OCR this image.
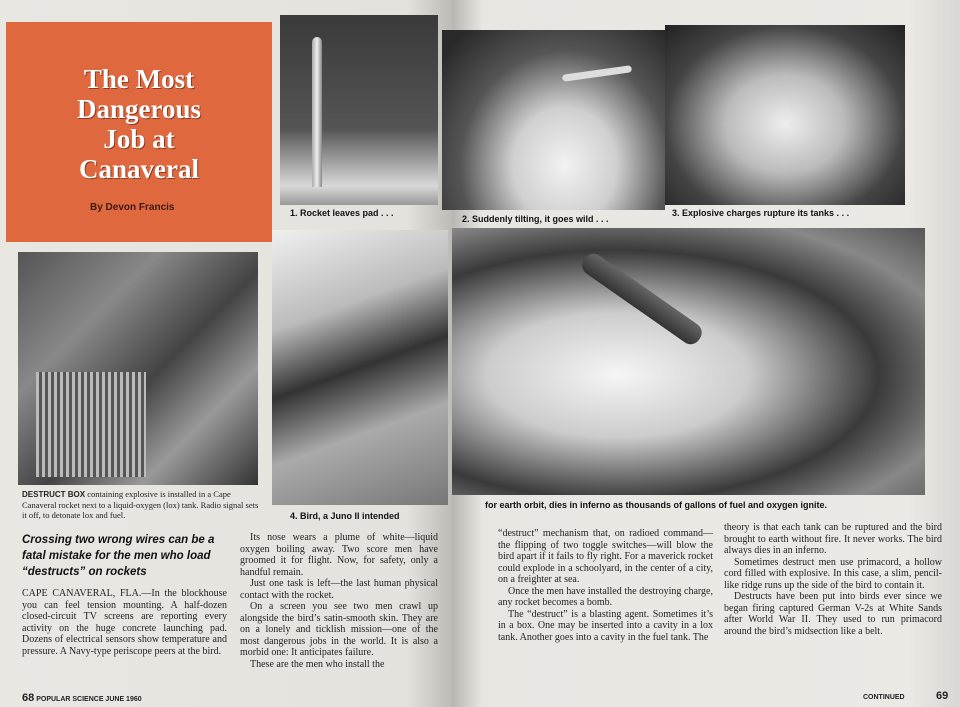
The Most
Dangerous
Job at
Canaveral
By Devon Francis	1. Rocket leaves pad . . .
2. Suddenly tilting, it goes wild . . .
3. Explosive charges rupture its tanks . . .
DESTRUCT BOX containing explosive is installed in a Cape Canaveral rocket next to a liquid-oxygen (lox) tank. Radio signal sets it off, to detonate lox and fuel.	4. Bird, a Juno II intended
for earth orbit, dies in inferno as thousands of gallons of fuel and oxygen ignite.
Crossing two wrong wires can be a fatal mistake for the men who load “destructs” on rockets

CAPE CANAVERAL, FLA.—In the blockhouse you can feel tension mounting. A half-dozen closed-circuit TV screens are reporting every activity on the huge concrete launching pad. Dozens of electrical sensors show temperature and pressure. A Navy-type periscope peers at the bird.

Its nose wears a plume of white—liquid oxygen boiling away. Two score men have groomed it for flight. Now, for safety, only a handful remain.

Just one task is left—the last human physical contact with the rocket.

On a screen you see two men crawl up alongside the bird’s satin-smooth skin. They are on a lonely and ticklish mission—one of the most dangerous jobs in the world. It is also a morbid one: It anticipates failure.

These are the men who install the

“destruct” mechanism that, on radioed command—the flipping of two toggle switches—will blow the bird apart if it fails to fly right. For a maverick rocket could explode in a schoolyard, in the center of a city, on a freighter at sea.

Once the men have installed the destroying charge, any rocket becomes a bomb.

The “destruct” is a blasting agent. Sometimes it’s in a box. One may be inserted into a cavity in a lox tank. Another goes into a cavity in the fuel tank. The

theory is that each tank can be ruptured and the bird brought to earth without fire. It never works. The bird always dies in an inferno.

Sometimes destruct men use primacord, a hollow cord filled with explosive. In this case, a slim, pencil-like ridge runs up the side of the bird to contain it.

Destructs have been put into birds ever since we began firing captured German V-2s at White Sands after World War II. They used to run primacord around the bird’s midsection like a belt.

68 POPULAR SCIENCE JUNE 1960	CONTINUED	69
